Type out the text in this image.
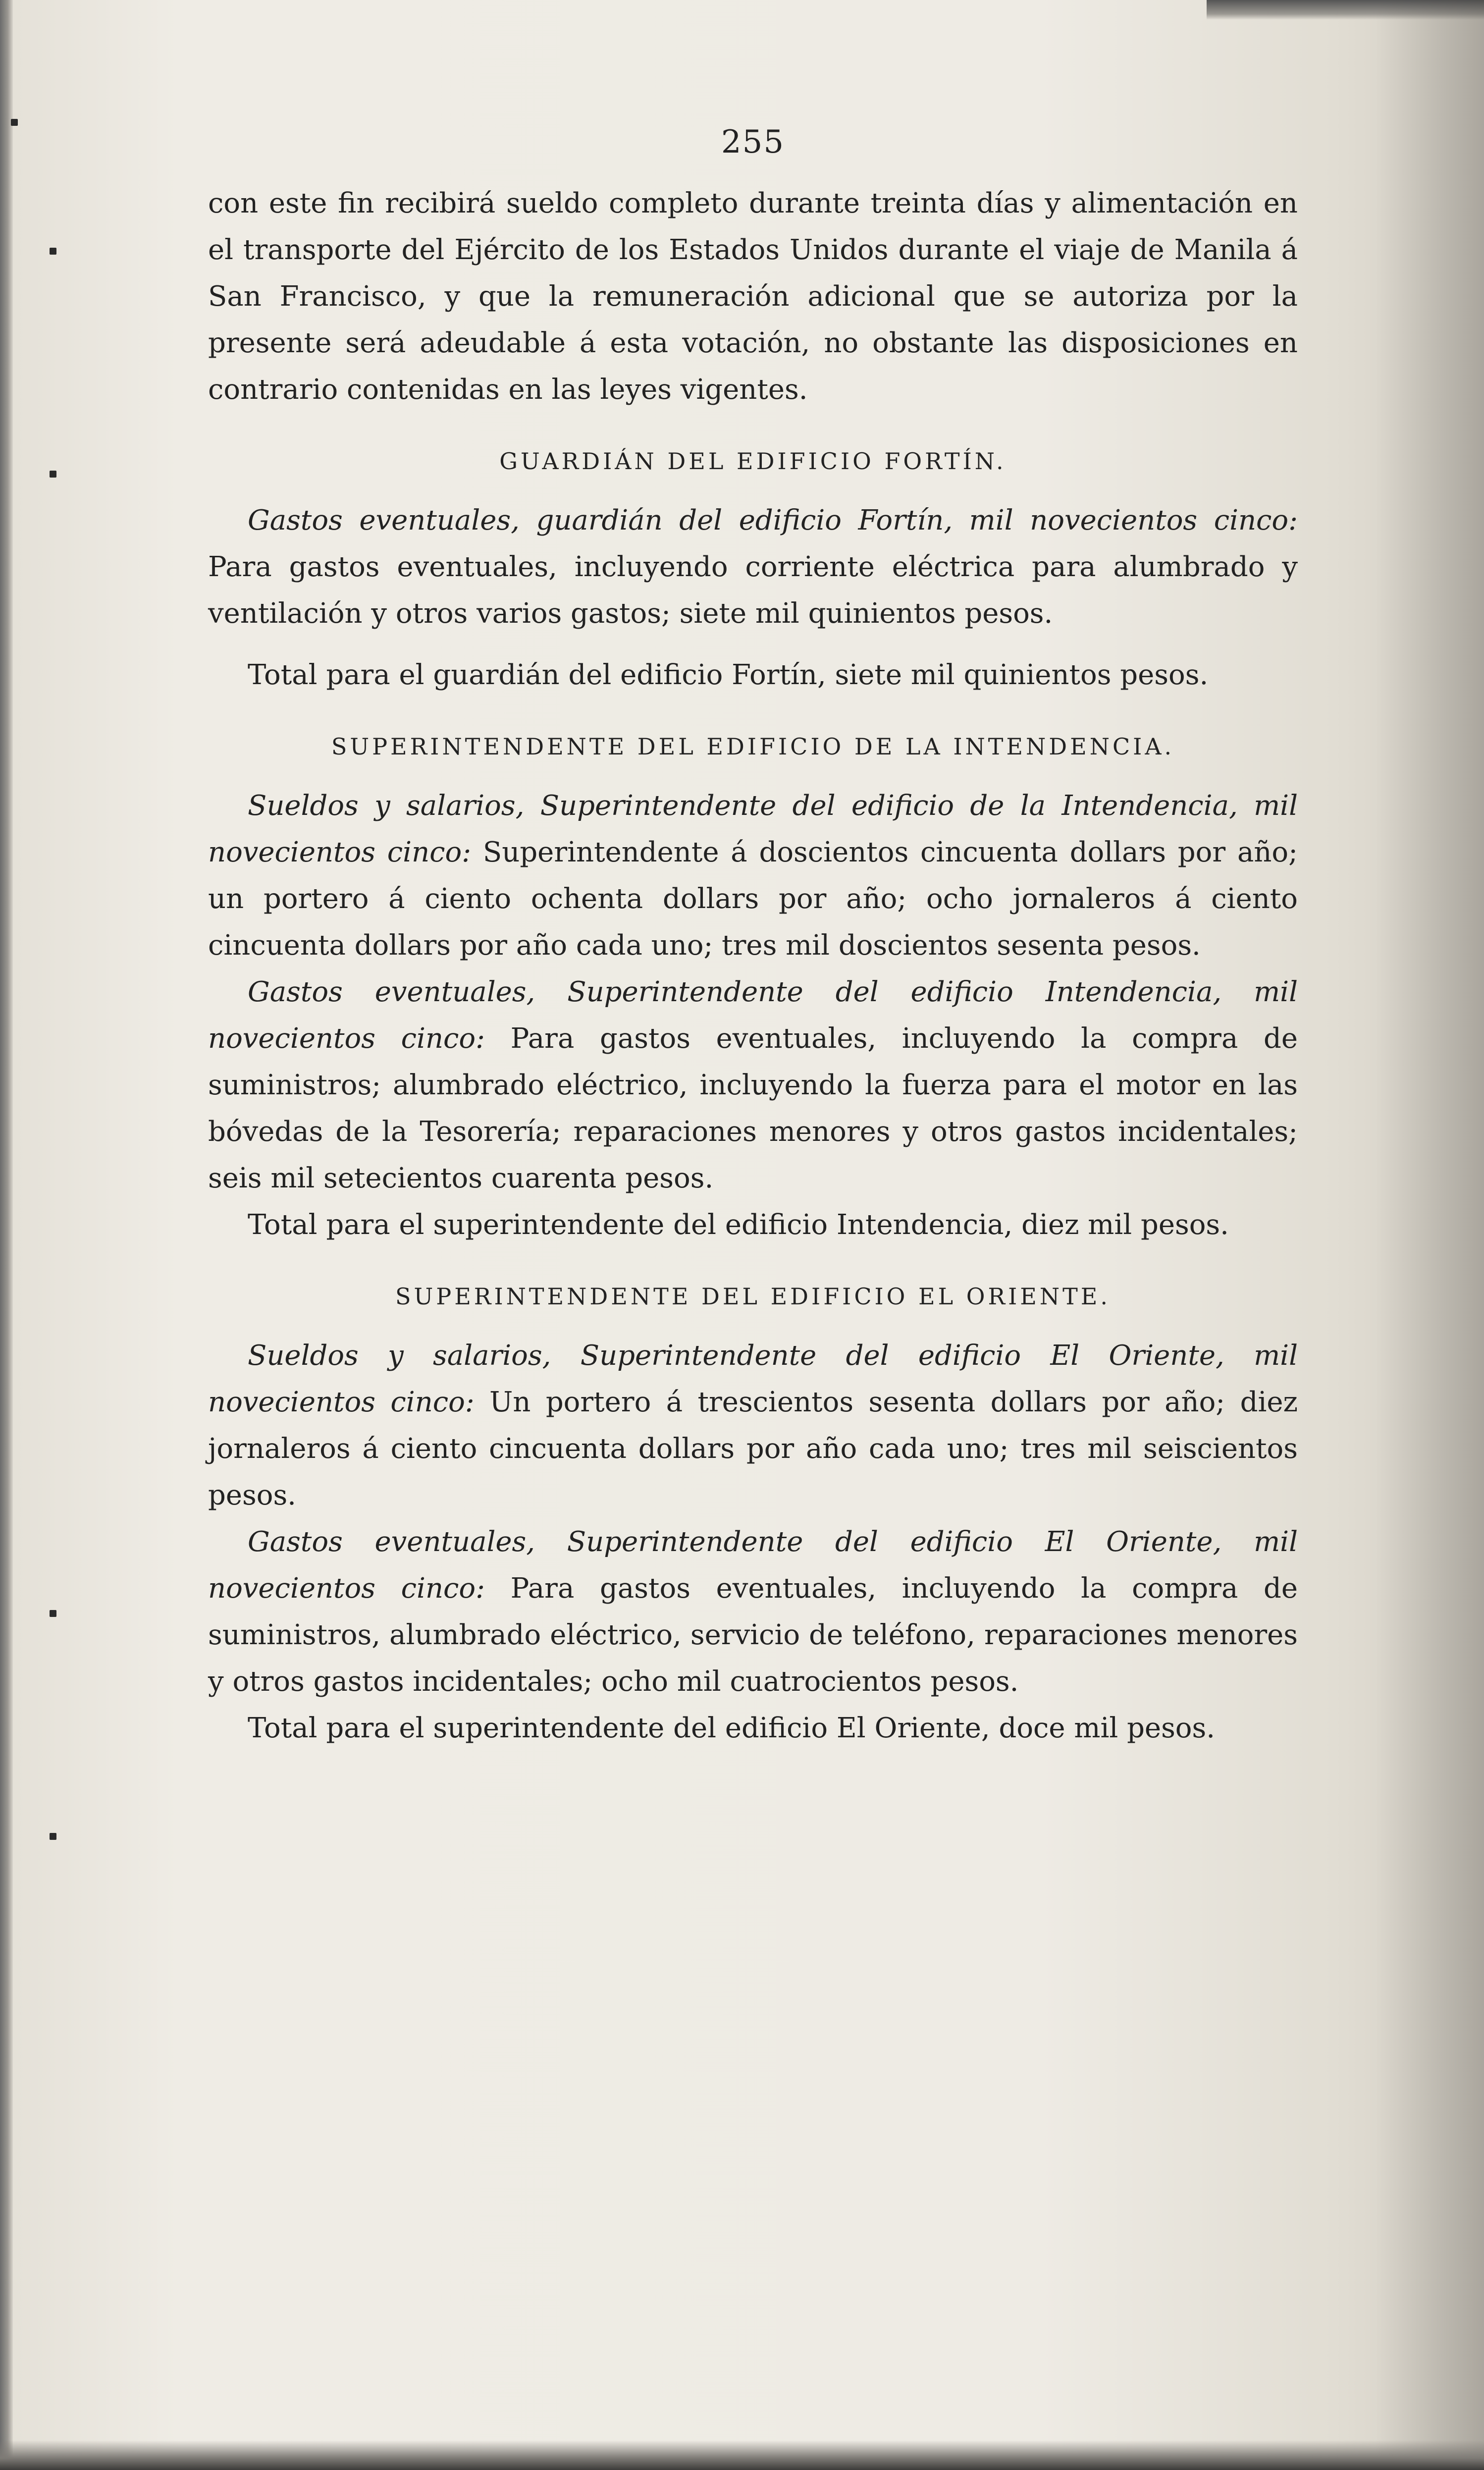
255

con este fin recibirá sueldo completo durante treinta días y alimentación en el transporte del Ejército de los Estados Unidos durante el viaje de Manila á San Francisco, y que la remuneración adicional que se autoriza por la presente será adeudable á esta votación, no obstante las disposiciones en contrario contenidas en las leyes vigentes.

GUARDIÁN DEL EDIFICIO FORTÍN.

Gastos eventuales, guardián del edificio Fortín, mil novecientos cinco: Para gastos eventuales, incluyendo corriente eléctrica para alumbrado y ventilación y otros varios gastos; siete mil quinientos pesos.

Total para el guardián del edificio Fortín, siete mil quinientos pesos.

SUPERINTENDENTE DEL EDIFICIO DE LA INTENDENCIA.

Sueldos y salarios, Superintendente del edificio de la Intendencia, mil novecientos cinco: Superintendente á doscientos cincuenta dollars por año; un portero á ciento ochenta dollars por año; ocho jornaleros á ciento cincuenta dollars por año cada uno; tres mil doscientos sesenta pesos.

Gastos eventuales, Superintendente del edificio Intendencia, mil novecientos cinco: Para gastos eventuales, incluyendo la compra de suministros; alumbrado eléctrico, incluyendo la fuerza para el motor en las bóvedas de la Tesorería; reparaciones menores y otros gastos incidentales; seis mil setecientos cuarenta pesos.

Total para el superintendente del edificio Intendencia, diez mil pesos.

SUPERINTENDENTE DEL EDIFICIO EL ORIENTE.

Sueldos y salarios, Superintendente del edificio El Oriente, mil novecientos cinco: Un portero á trescientos sesenta dollars por año; diez jornaleros á ciento cincuenta dollars por año cada uno; tres mil seiscientos pesos.

Gastos eventuales, Superintendente del edificio El Oriente, mil novecientos cinco: Para gastos eventuales, incluyendo la compra de suministros, alumbrado eléctrico, servicio de teléfono, reparaciones menores y otros gastos incidentales; ocho mil cuatrocientos pesos.

Total para el superintendente del edificio El Oriente, doce mil pesos.
